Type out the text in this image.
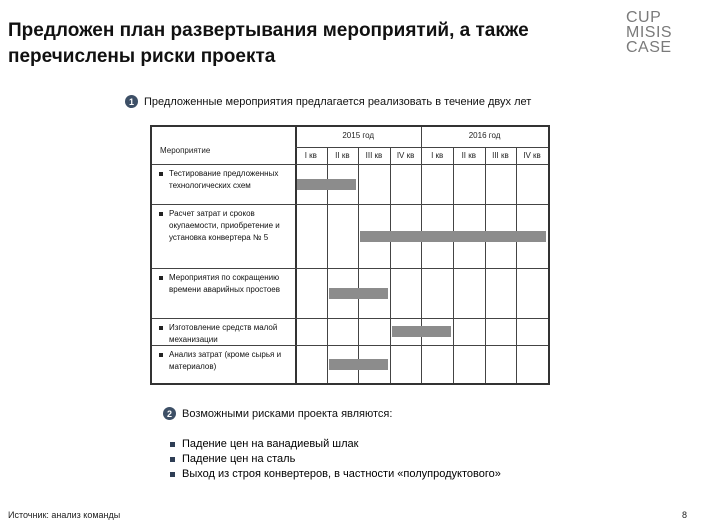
Предложен план развертывания мероприятий, а также перечислены риски проекта
CUP
MISIS
CASE
1 Предложенные мероприятия предлагается реализовать в течение двух лет
Мероприятие
2015 год	2016 год
I кв	II кв	III кв	IV кв	I кв	II кв	III кв	IV кв
Тестирование предложенных технологических схем
Расчет затрат и сроков окупаемости, приобретение и установка конвертера № 5
Мероприятия по сокращению времени аварийных простоев
Изготовление средств малой механизации
Анализ затрат (кроме сырья и материалов)
2 Возможными рисками проекта являются:
Падение цен на ванадиевый шлак
Падение цен на сталь
Выход из строя конвертеров, в частности «полупродуктового»
Источник: анализ команды	8
